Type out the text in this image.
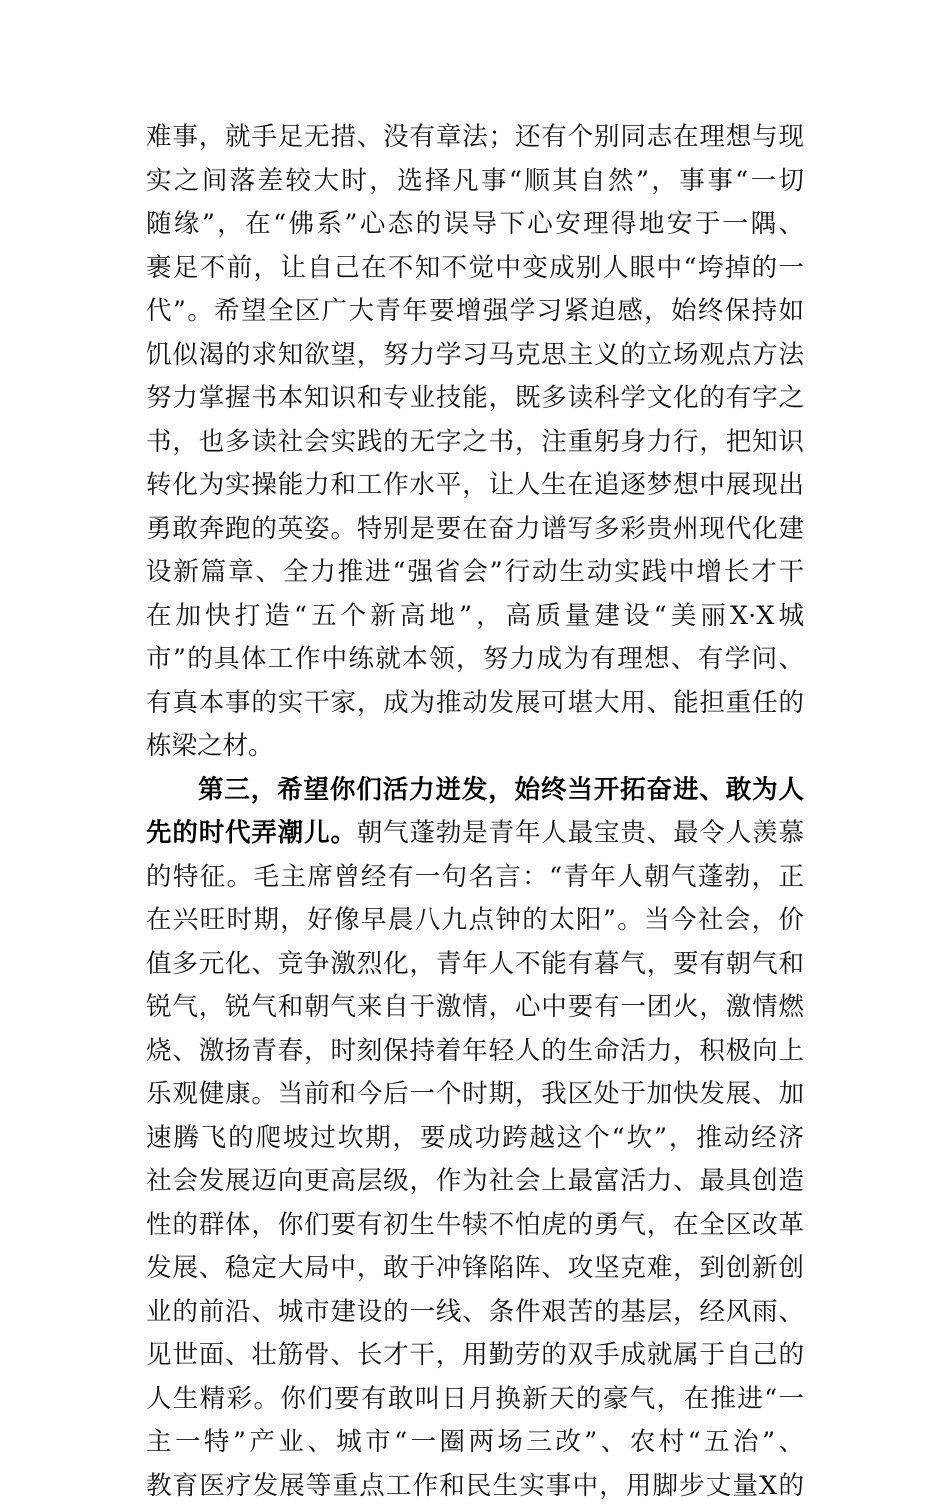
难事，就手足无措、没有章法；还有个别同志在理想与现
实之间落差较大时，选择凡事“顺其自然”，事事“一切
随缘”，在“佛系”心态的误导下心安理得地安于一隅、
裹足不前，让自己在不知不觉中变成别人眼中“垮掉的一
代”。希望全区广大青年要增强学习紧迫感，始终保持如
饥似渴的求知欲望，努力学习马克思主义的立场观点方法
努力掌握书本知识和专业技能，既多读科学文化的有字之
书，也多读社会实践的无字之书，注重躬身力行，把知识
转化为实操能力和工作水平，让人生在追逐梦想中展现出
勇敢奔跑的英姿。特别是要在奋力谱写多彩贵州现代化建
设新篇章、全力推进“强省会”行动生动实践中增长才干
在加快打造“五个新高地”，高质量建设“美丽X·X城
市”的具体工作中练就本领，努力成为有理想、有学问、
有真本事的实干家，成为推动发展可堪大用、能担重任的
栋梁之材。
第三，希望你们活力迸发，始终当开拓奋进、敢为人
先的时代弄潮儿。朝气蓬勃是青年人最宝贵、最令人羡慕
的特征。毛主席曾经有一句名言：“青年人朝气蓬勃，正
在兴旺时期，好像早晨八九点钟的太阳”。当今社会，价
值多元化、竞争激烈化，青年人不能有暮气，要有朝气和
锐气，锐气和朝气来自于激情，心中要有一团火，激情燃
烧、激扬青春，时刻保持着年轻人的生命活力，积极向上
乐观健康。当前和今后一个时期，我区处于加快发展、加
速腾飞的爬坡过坎期，要成功跨越这个“坎”，推动经济
社会发展迈向更高层级，作为社会上最富活力、最具创造
性的群体，你们要有初生牛犊不怕虎的勇气，在全区改革
发展、稳定大局中，敢于冲锋陷阵、攻坚克难，到创新创
业的前沿、城市建设的一线、条件艰苦的基层，经风雨、
见世面、壮筋骨、长才干，用勤劳的双手成就属于自己的
人生精彩。你们要有敢叫日月换新天的豪气，在推进“一
主一特”产业、城市“一圈两场三改”、农村“五治”、
教育医疗发展等重点工作和民生实事中，用脚步丈量X的
